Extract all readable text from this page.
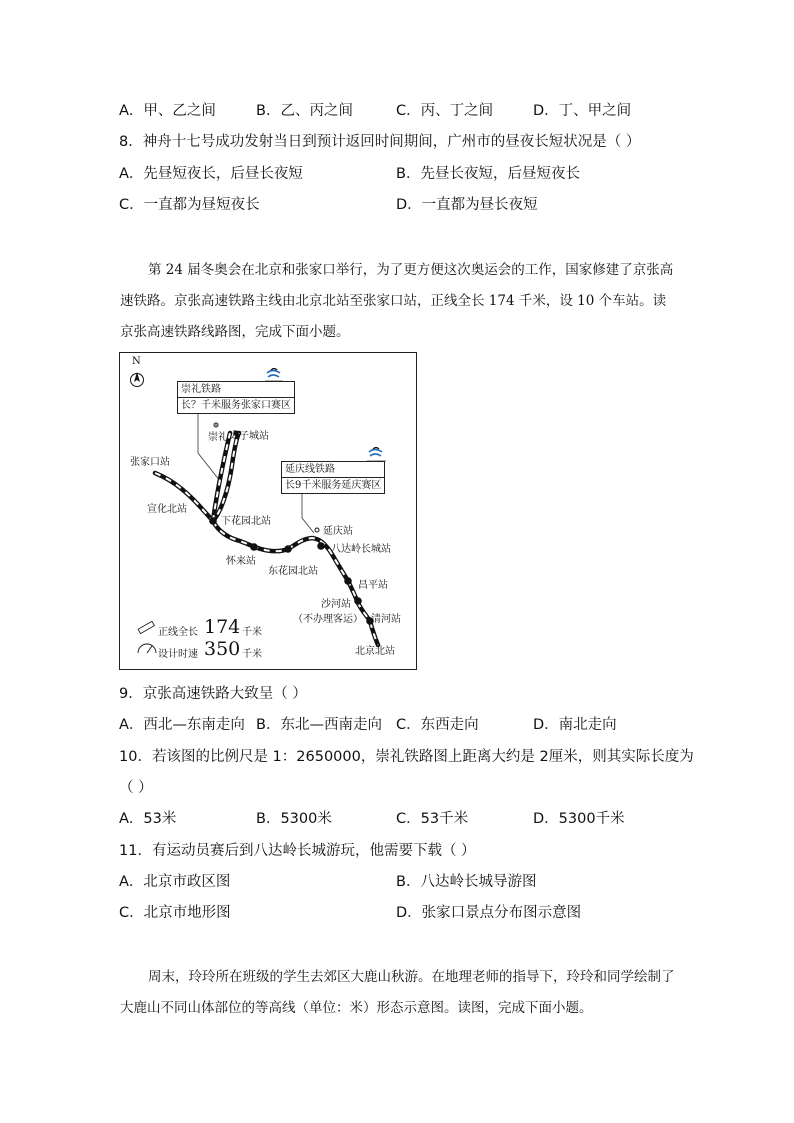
A．甲、乙之间	B．乙、丙之间	C．丙、丁之间	D．丁、甲之间
8．神舟十七号成功发射当日到预计返回时间期间，广州市的昼夜长短状况是（ ）
A．先昼短夜长，后昼长夜短	B．先昼长夜短，后昼短夜长
C．一直都为昼短夜长	D．一直都为昼长夜短
第 24 届冬奥会在北京和张家口举行，为了更方便这次奥运会的工作，国家修建了京张高速铁路。京张高速铁路主线由北京北站至张家口站，正线全长 174 千米，设 10 个车站。读京张高速铁路线路图，完成下面小题。
N
崇礼铁路
长？千米服务张家口赛区
延庆线铁路
长9千米服务延庆赛区
崇礼 太子城站
张家口站
宣化北站
下花园北站
怀来站
东花园北站
延庆站
八达岭长城站
昌平站
沙河站
（不办理客运） 清河站
北京北站
正线全长 174 千米
设计时速 350 千米
9．京张高速铁路大致呈（ ）
A．西北—东南走向 B．东北—西南走向 C．东西走向	D．南北走向
10．若该图的比例尺是 1：2650000，崇礼铁路图上距离大约是 2厘米，则其实际长度为
（ ）
A．53米	B．5300米	C．53千米	D．5300千米
11．有运动员赛后到八达岭长城游玩，他需要下载（ ）
A．北京市政区图	B．八达岭长城导游图
C．北京市地形图	D．张家口景点分布图示意图
周末，玲玲所在班级的学生去郊区大鹿山秋游。在地理老师的指导下，玲玲和同学绘制了大鹿山不同山体部位的等高线（单位：米）形态示意图。读图，完成下面小题。
